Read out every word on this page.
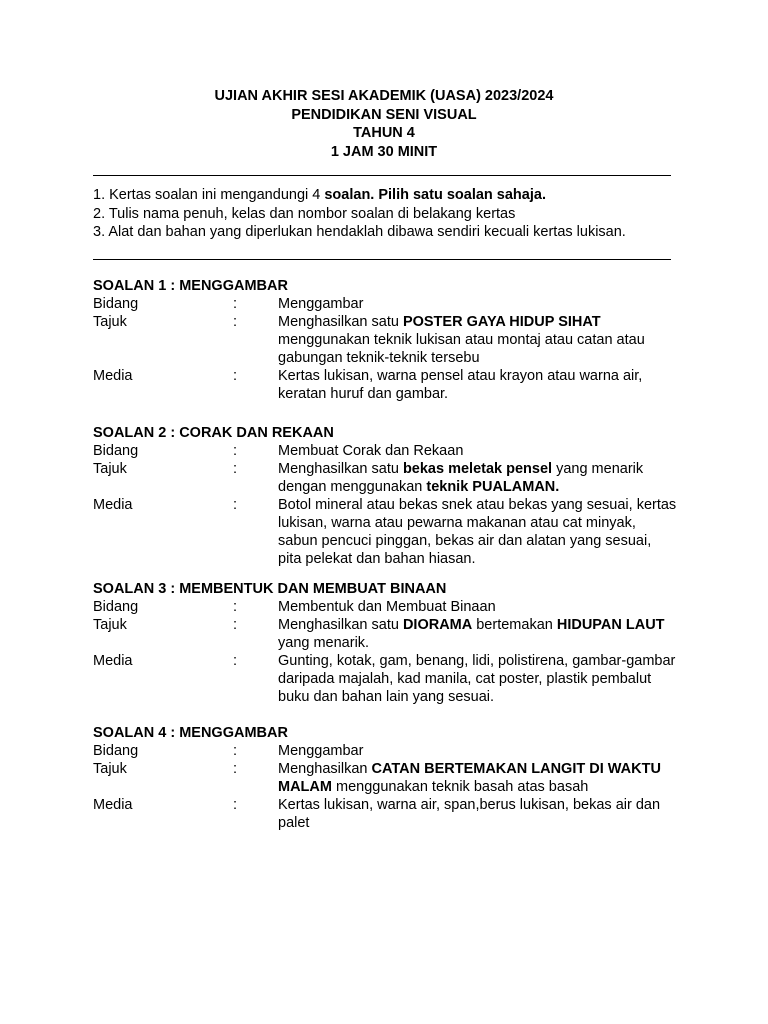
UJIAN AKHIR SESI AKADEMIK (UASA) 2023/2024
PENDIDIKAN SENI VISUAL
TAHUN 4
1 JAM 30 MINIT
1. Kertas soalan ini mengandungi 4 soalan. Pilih satu soalan sahaja.
2. Tulis nama penuh, kelas dan nombor soalan di belakang kertas
3. Alat dan bahan yang diperlukan hendaklah dibawa sendiri kecuali kertas lukisan.
SOALAN 1 : MENGGAMBAR
Bidang	:	Menggambar
Tajuk	:	Menghasilkan satu POSTER GAYA HIDUP SIHAT menggunakan teknik lukisan atau montaj atau catan atau gabungan teknik-teknik tersebu
Media	:	Kertas lukisan, warna pensel atau krayon atau warna air, keratan huruf dan gambar.
SOALAN 2 : CORAK DAN REKAAN
Bidang	:	Membuat Corak dan Rekaan
Tajuk	:	Menghasilkan satu bekas meletak pensel yang menarik dengan menggunakan teknik PUALAMAN.
Media	:	Botol mineral atau bekas snek atau bekas yang sesuai, kertas lukisan, warna atau pewarna makanan atau cat minyak, sabun pencuci pinggan, bekas air dan alatan yang sesuai, pita pelekat dan bahan hiasan.
SOALAN 3 : MEMBENTUK DAN MEMBUAT BINAAN
Bidang	:	Membentuk dan Membuat Binaan
Tajuk	:	Menghasilkan satu DIORAMA bertemakan HIDUPAN LAUT yang menarik.
Media	:	Gunting, kotak, gam, benang, lidi, polistirena, gambar-gambar daripada majalah, kad manila, cat poster, plastik pembalut buku dan bahan lain yang sesuai.
SOALAN 4 : MENGGAMBAR
Bidang	:	Menggambar
Tajuk	:	Menghasilkan CATAN BERTEMAKAN LANGIT DI WAKTU MALAM menggunakan teknik basah atas basah
Media	:	Kertas lukisan, warna air, span,berus lukisan, bekas air dan palet
